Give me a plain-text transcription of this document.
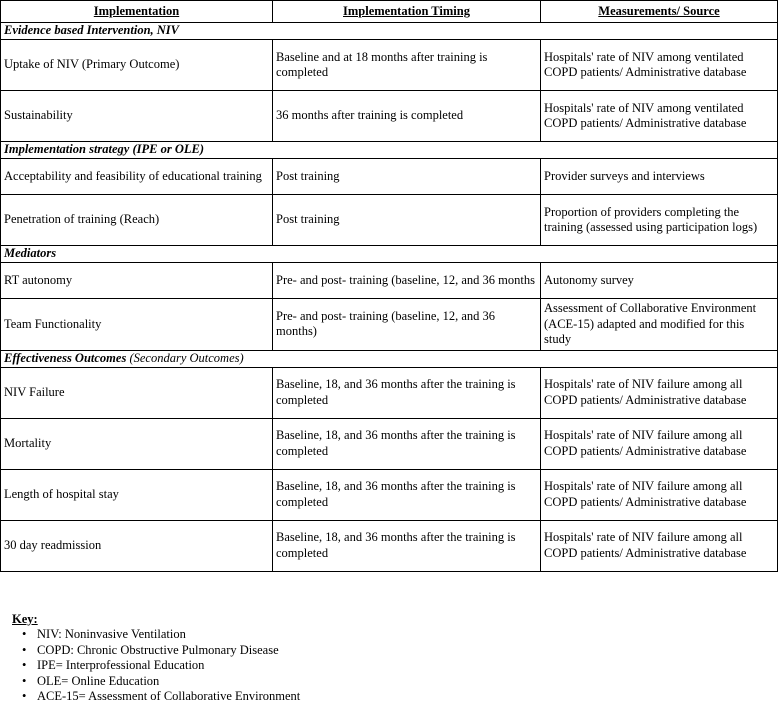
Implementation	Implementation Timing	Measurements/ Source
Evidence based Intervention, NIV		
Uptake of NIV (Primary Outcome)	Baseline and at 18 months after training is completed	Hospitals' rate of NIV among ventilated COPD patients/ Administrative database
Sustainability	36 months after training is completed	Hospitals' rate of NIV among ventilated COPD patients/ Administrative database
Implementation strategy (IPE or OLE)		
Acceptability and feasibility of educational training	Post training	Provider surveys and interviews
Penetration of training (Reach)	Post training	Proportion of providers completing the training (assessed using participation logs)
Mediators		
RT autonomy	Pre- and post- training (baseline, 12, and 36 months	Autonomy survey
Team Functionality	Pre- and post- training (baseline, 12, and 36 months)	Assessment of Collaborative Environment (ACE-15) adapted and modified for this study
Effectiveness Outcomes (Secondary Outcomes)		
NIV Failure	Baseline, 18, and 36 months after the training is completed	Hospitals' rate of NIV failure among all COPD patients/ Administrative database
Mortality	Baseline, 18, and 36 months after the training is completed	Hospitals' rate of NIV failure among all COPD patients/ Administrative database
Length of hospital stay	Baseline, 18, and 36 months after the training is completed	Hospitals' rate of NIV failure among all COPD patients/ Administrative database
30 day readmission	Baseline, 18, and 36 months after the training is completed	Hospitals' rate of NIV failure among all COPD patients/ Administrative database
Key:
• NIV: Noninvasive Ventilation
• COPD: Chronic Obstructive Pulmonary Disease
• IPE= Interprofessional Education
• OLE= Online Education
• ACE-15= Assessment of Collaborative Environment
